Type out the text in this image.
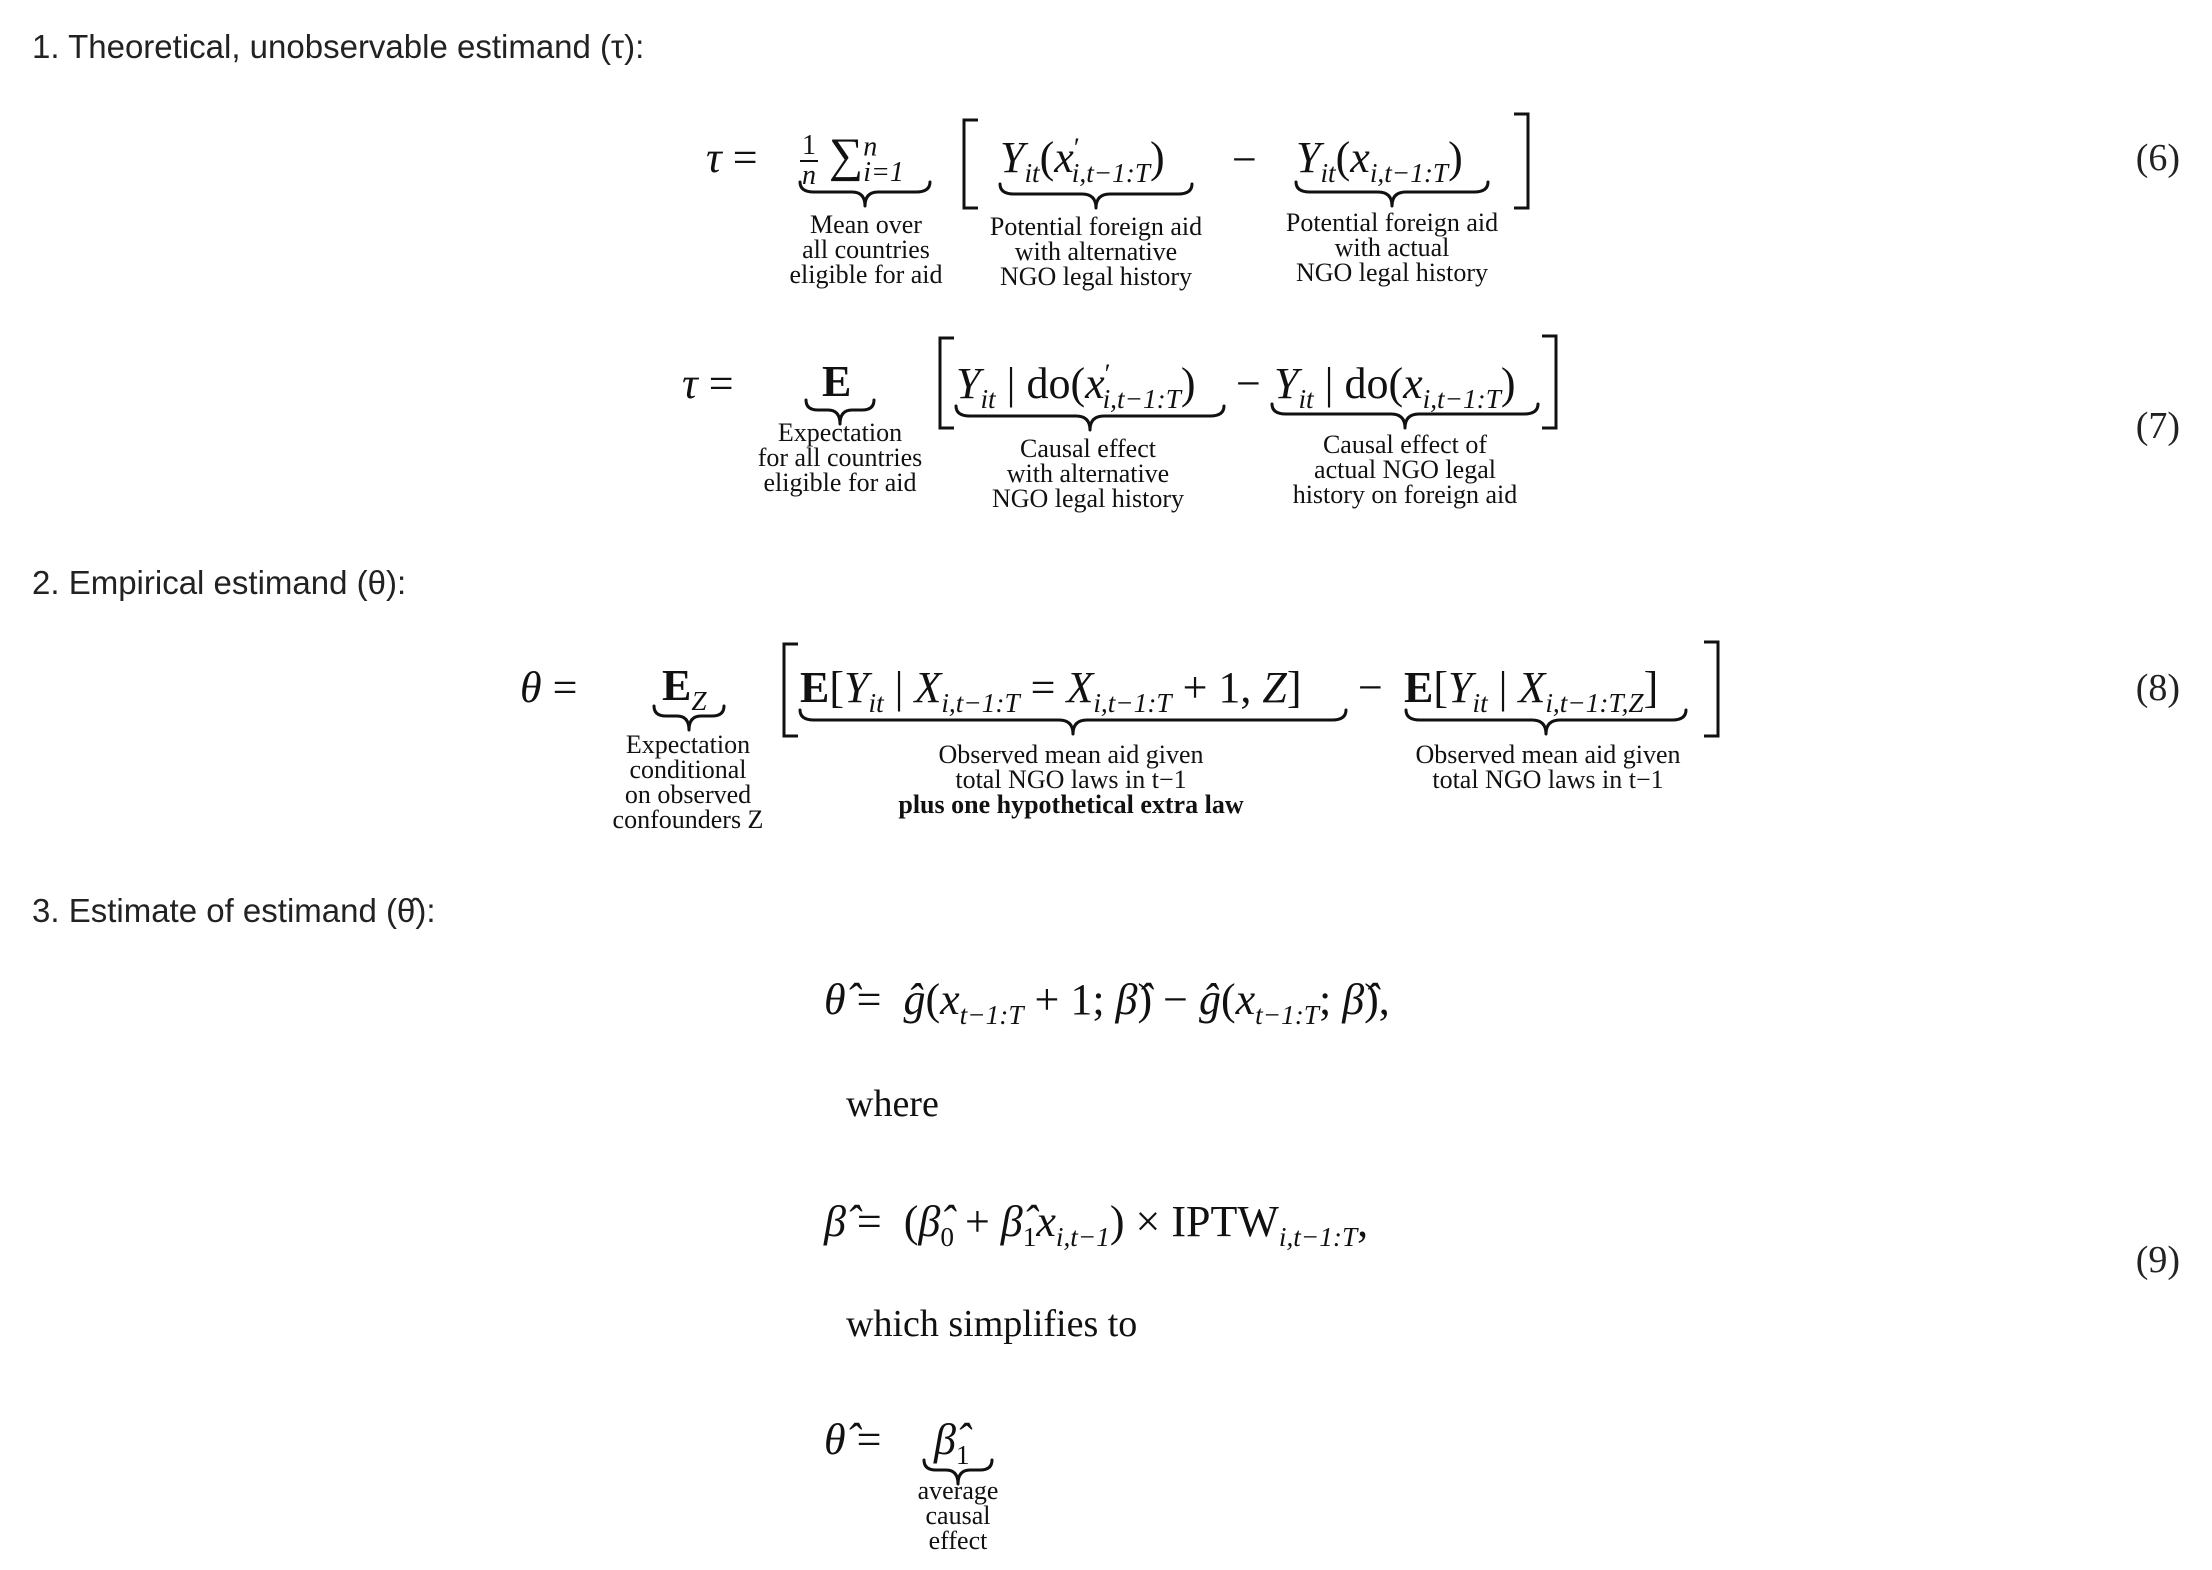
1. Theoretical, unobservable estimand (τ):
2. Empirical estimand (θ):
3. Estimate of estimand (θ̂):
$\tau = \frac{1}{n} \sum^n_{i=1}$ $Y_{it}(x'_{i,t-1:T}) - Y_{it}(x_{i,t-1:T})$
Mean over
all countries
eligible for aid
Potential foreign aid
with alternative
NGO legal history
Potential foreign aid
with actual
NGO legal history
(6)
τ = E $Y_{it}$ | $do(x'_{i,t-1:T}) - Y_{it}$ | $do(x_{i,t-1:T})$
Expectation
for all countries
eligible for aid
Causal effect
with alternative
NGO legal history
Causal effect of
actual NGO legal
history on foreign aid
(7)
$\theta = E_Z$ $E[Y_{it}$ | $X_{i,t-1:T} = X_{i,t-1:T} + 1$, $Z] - E[Y_{it}$ | $X_{i,t-1:T,Z}$]
Expectation
conditional
on observed
confounders Z
Observed mean aid given
total NGO laws in t−1
plus one hypothetical extra law
Observed mean aid given
total NGO laws in t−1
(8)
θ̂ =  $ĝ(x_{t-1:T} + 1$; β̂) − $ĝ(x_{t-1:T}$; β̂),
where
β̂ =  ($\betâ_0$ + $\betâ_1x_{i,t-1}$) × $IPTW_{i,t-1:T}$,
which simplifies to
θ̂ = $\betâ_1$
average
causal
effect
(9)
